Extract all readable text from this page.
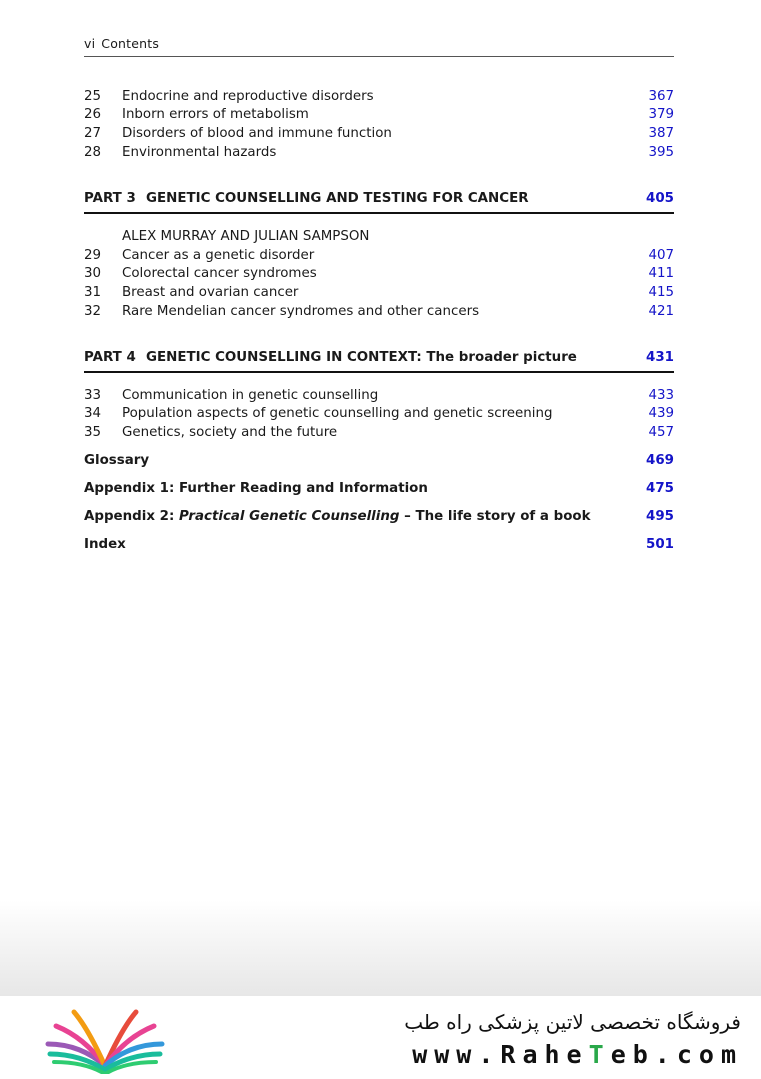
vi Contents
25	Endocrine and reproductive disorders	367
26	Inborn errors of metabolism	379
27	Disorders of blood and immune function	387
28	Environmental hazards	395
PART 3 GENETIC COUNSELLING AND TESTING FOR CANCER	405
ALEX MURRAY AND JULIAN SAMPSON
29	Cancer as a genetic disorder	407
30	Colorectal cancer syndromes	411
31	Breast and ovarian cancer	415
32	Rare Mendelian cancer syndromes and other cancers	421
PART 4 GENETIC COUNSELLING IN CONTEXT: The broader picture	431
33	Communication in genetic counselling	433
34	Population aspects of genetic counselling and genetic screening	439
35	Genetics, society and the future	457
Glossary	469
Appendix 1: Further Reading and Information	475
Appendix 2: Practical Genetic Counselling – The life story of a book	495
Index	501
فروشگاه تخصصی لاتین پزشکی راه طب
www.RaheTeb.com
